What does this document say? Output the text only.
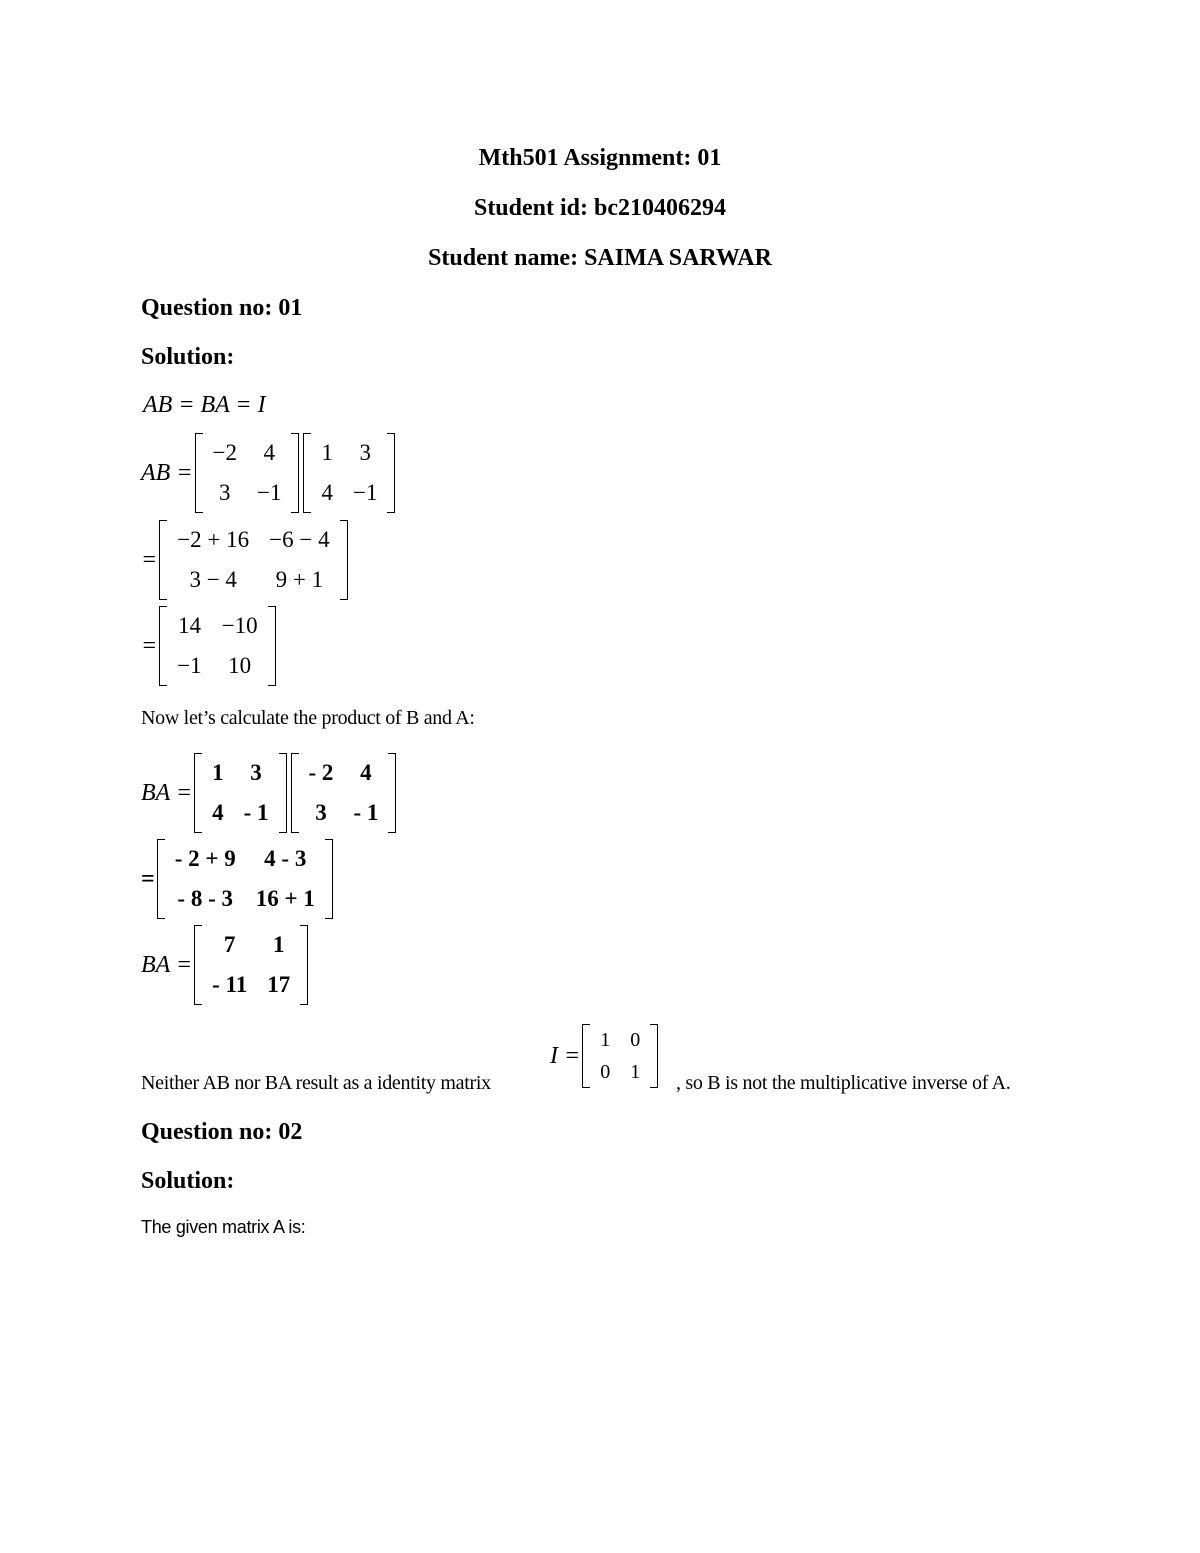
Mth501 Assignment: 01
Student id: bc210406294
Student name: SAIMA SARWAR
Question no: 01
Solution:
AB = BA = I
AB =
−2	4
3	−1
1	3
4	−1
=
−2 + 16	−6 − 4
3 − 4	9 + 1
=
14	−10
−1	10
Now let’s calculate the product of B and A:
BA =
1	3
4	- 1
- 2	4
3	- 1
=
- 2 + 9	4 - 3
- 8 - 3	16 + 1
BA =
7	1
- 11	17
Neither AB nor BA result as a identity matrix
I =
1	0
0	1 , so B is not the multiplicative inverse of A.
Question no: 02
Solution:
The given matrix A is:
